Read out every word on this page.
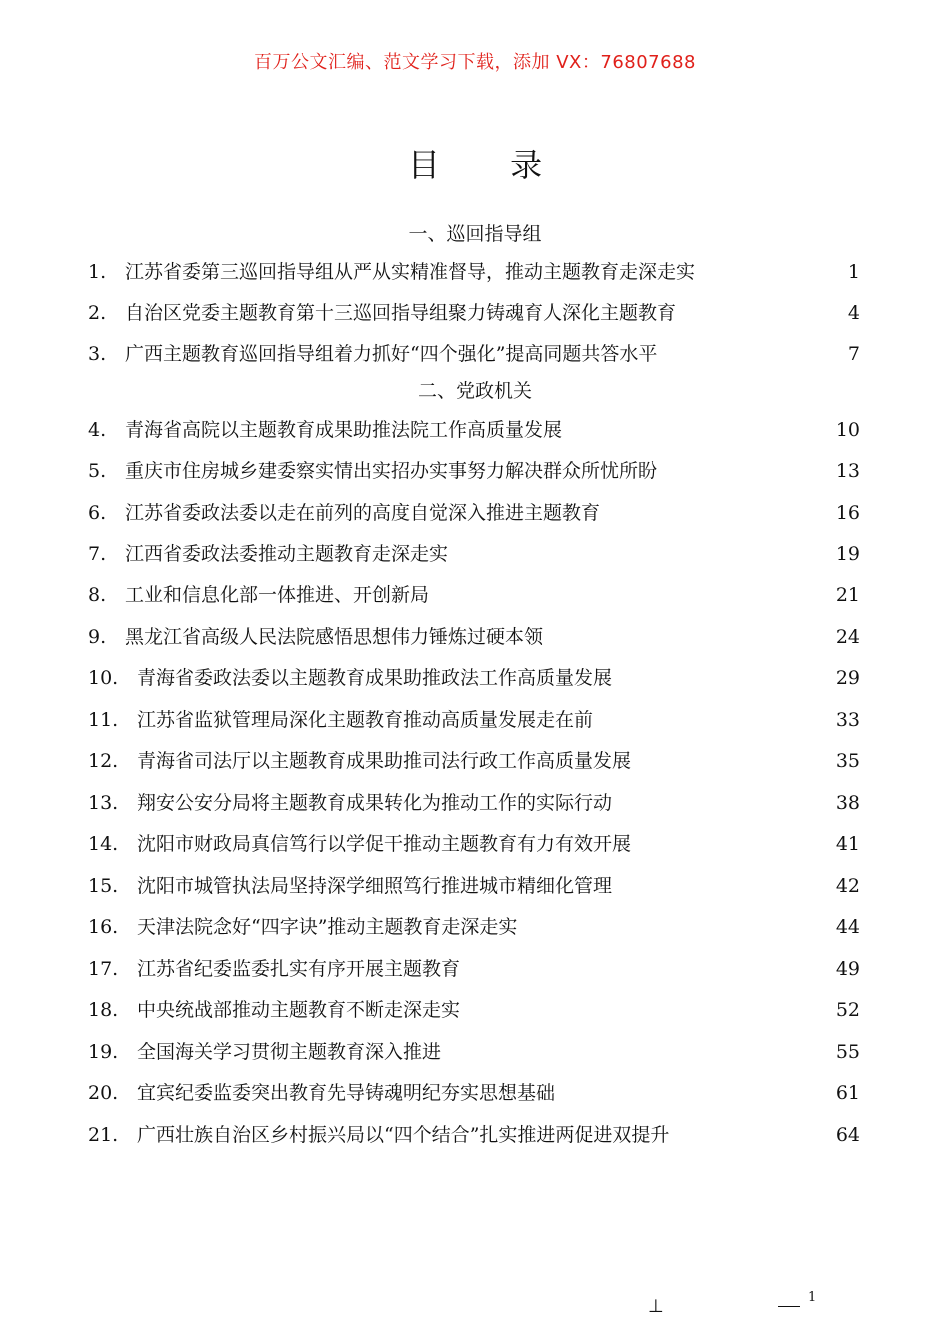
百万公文汇编、范文学习下载，添加 VX：76807688
目 录
一、巡回指导组
1. 江苏省委第三巡回指导组从严从实精准督导，推动主题教育走深走实	1
2. 自治区党委主题教育第十三巡回指导组聚力铸魂育人深化主题教育	4
3. 广西主题教育巡回指导组着力抓好“四个强化”提高同题共答水平	7
二、党政机关
4. 青海省高院以主题教育成果助推法院工作高质量发展	10
5. 重庆市住房城乡建委察实情出实招办实事努力解决群众所忧所盼	13
6. 江苏省委政法委以走在前列的高度自觉深入推进主题教育	16
7. 江西省委政法委推动主题教育走深走实	19
8. 工业和信息化部一体推进、开创新局	21
9. 黑龙江省高级人民法院感悟思想伟力锤炼过硬本领	24
10. 青海省委政法委以主题教育成果助推政法工作高质量发展	29
11. 江苏省监狱管理局深化主题教育推动高质量发展走在前	33
12. 青海省司法厅以主题教育成果助推司法行政工作高质量发展	35
13. 翔安公安分局将主题教育成果转化为推动工作的实际行动	38
14. 沈阳市财政局真信笃行以学促干推动主题教育有力有效开展	41
15. 沈阳市城管执法局坚持深学细照笃行推进城市精细化管理	42
16. 天津法院念好“四字诀”推动主题教育走深走实	44
17. 江苏省纪委监委扎实有序开展主题教育	49
18. 中央统战部推动主题教育不断走深走实	52
19. 全国海关学习贯彻主题教育深入推进	55
20. 宜宾纪委监委突出教育先导铸魂明纪夯实思想基础	61
21. 广西壮族自治区乡村振兴局以“四个结合”扎实推进两促进双提升	64
⊥	1
